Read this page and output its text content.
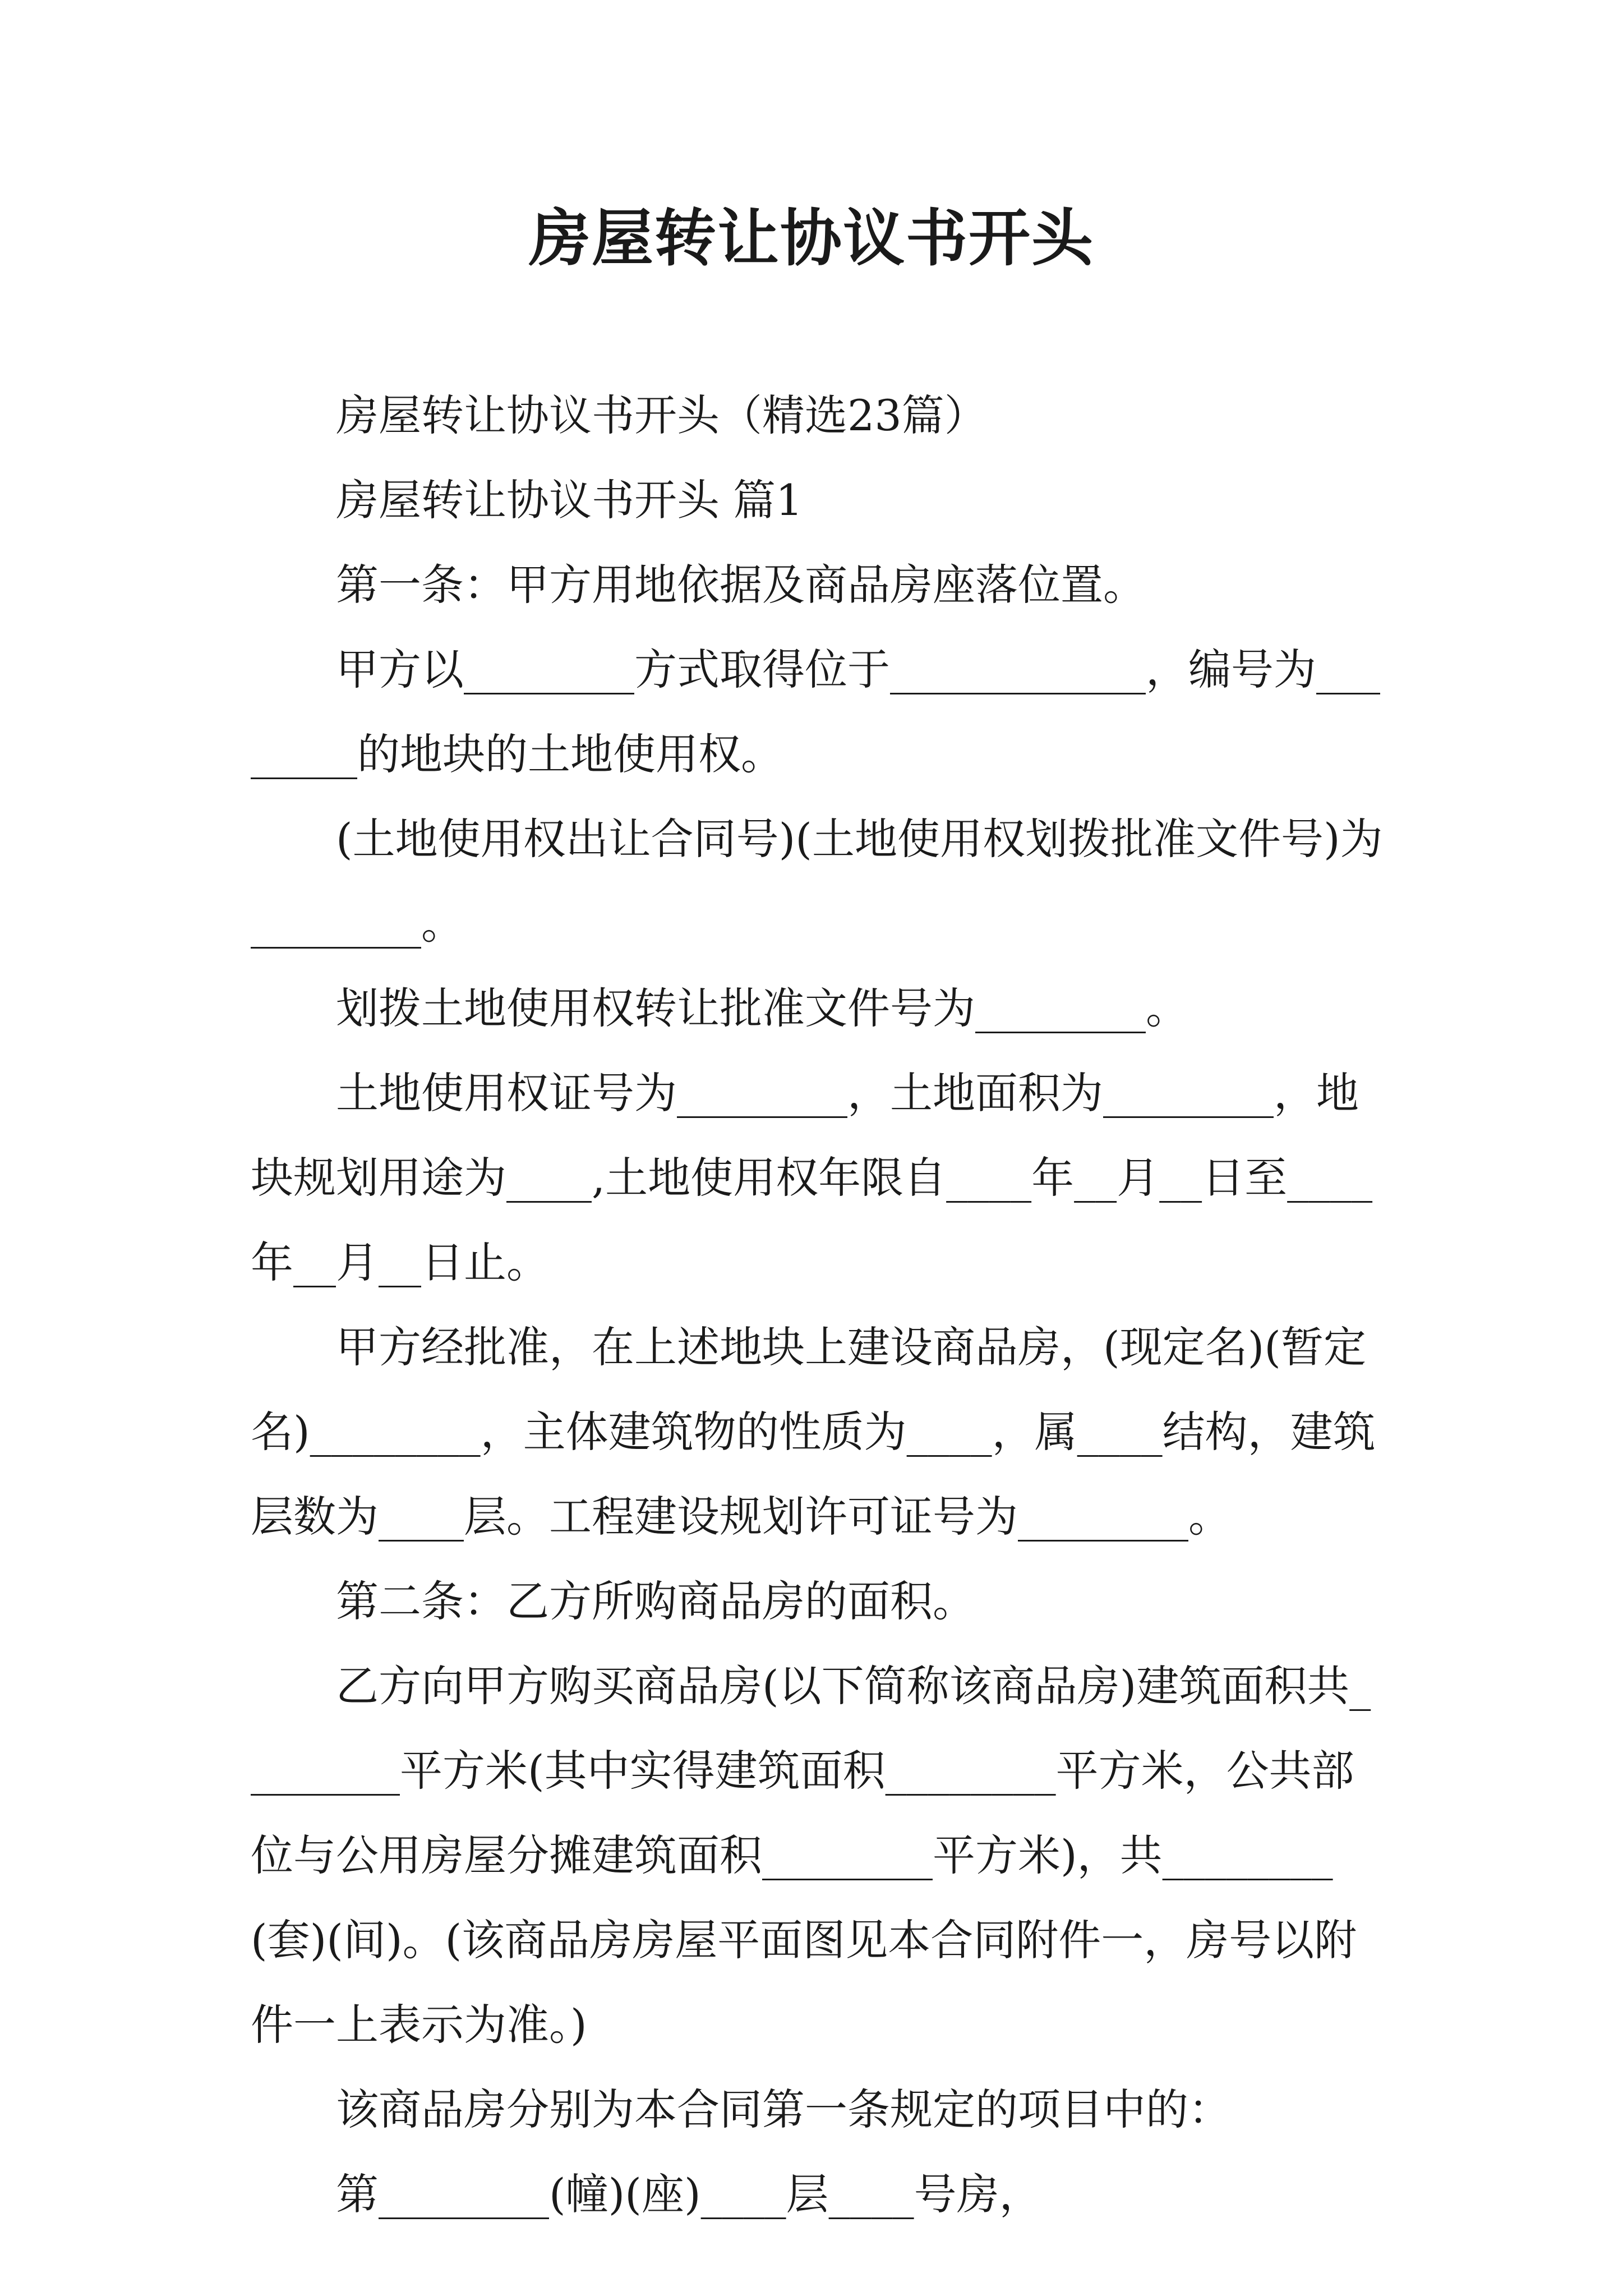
房屋转让协议书开头

房屋转让协议书开头（精选23篇）

房屋转让协议书开头 篇1

第一条：甲方用地依据及商品房座落位置。

甲方以________方式取得位于____________，编号为________的地块的土地使用权。

(土地使用权出让合同号)(土地使用权划拨批准文件号)为________。

划拨土地使用权转让批准文件号为________。

土地使用权证号为________，土地面积为________，地块规划用途为____,土地使用权年限自____年__月__日至____年__月__日止。

甲方经批准，在上述地块上建设商品房，(现定名)(暂定名)________，主体建筑物的性质为____，属____结构，建筑层数为____层。工程建设规划许可证号为________。

第二条：乙方所购商品房的面积。

乙方向甲方购买商品房(以下简称该商品房)建筑面积共________平方米(其中实得建筑面积________平方米，公共部位与公用房屋分摊建筑面积________平方米)，共________(套)(间)。(该商品房房屋平面图见本合同附件一，房号以附件一上表示为准。)

该商品房分别为本合同第一条规定的项目中的：

第________(幢)(座)____层____号房，
